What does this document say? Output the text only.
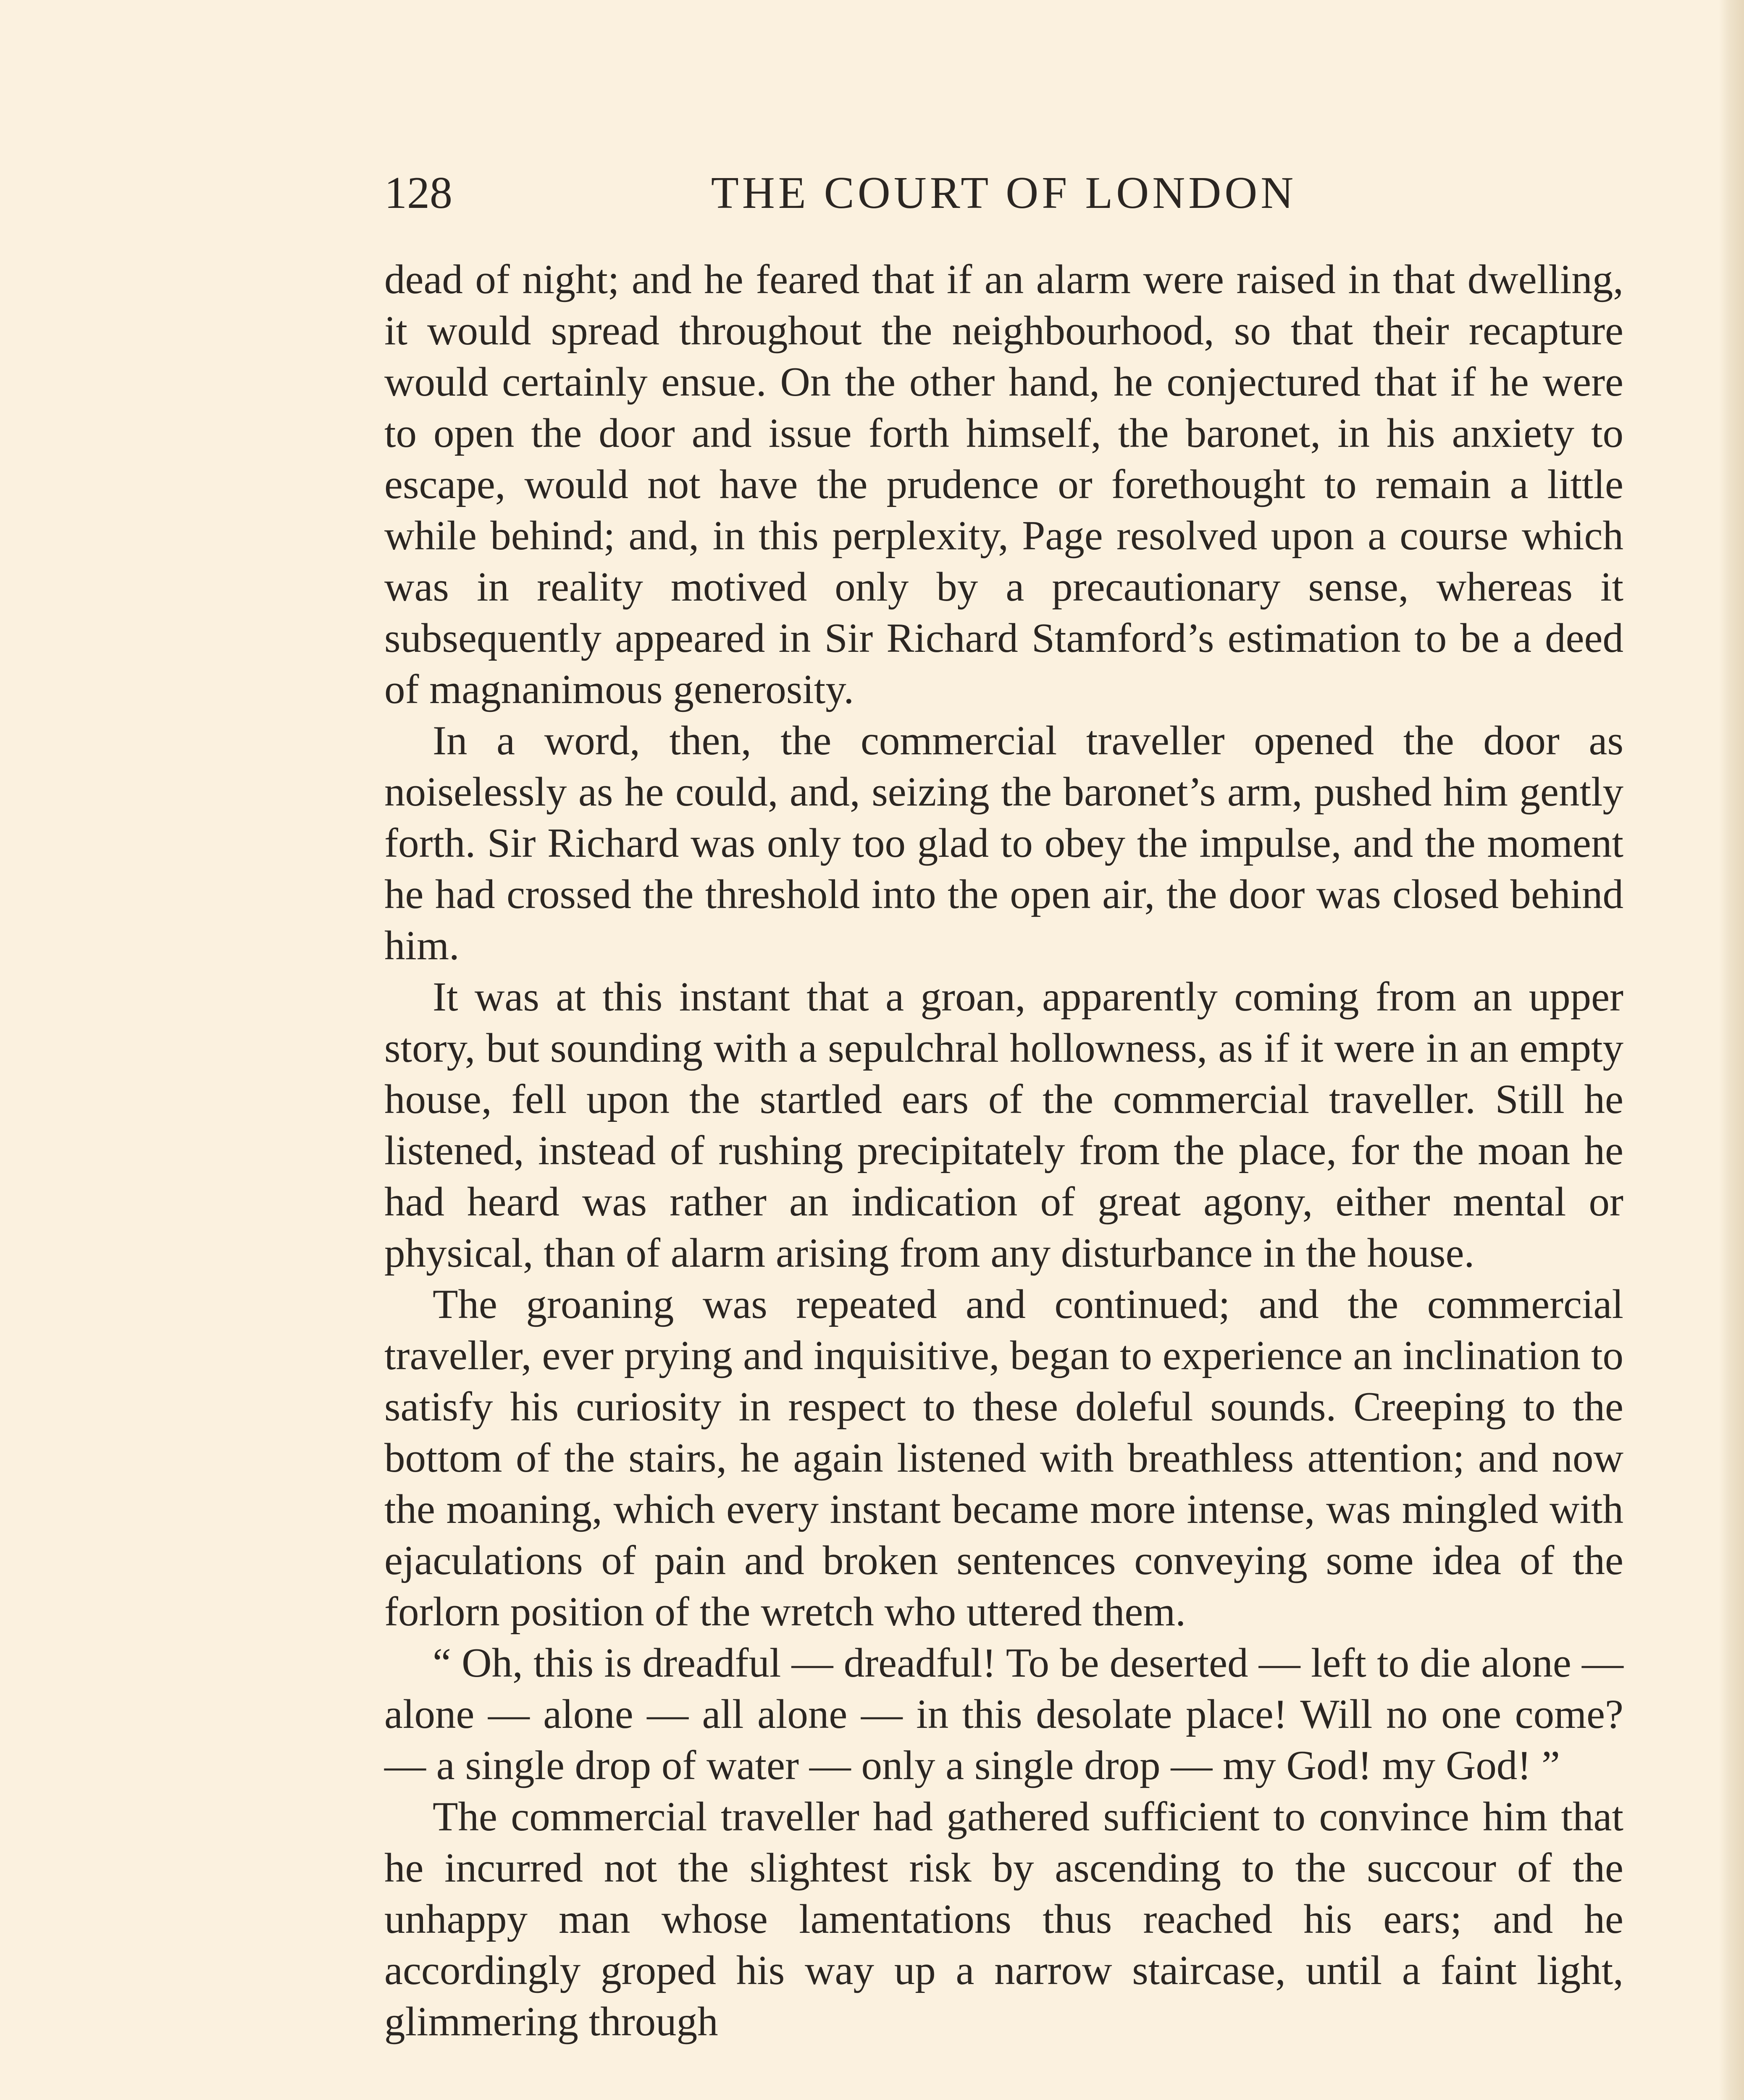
128	THE COURT OF LONDON

dead of night; and he feared that if an alarm were raised in that dwelling, it would spread throughout the neighbourhood, so that their recapture would certainly ensue. On the other hand, he conjectured that if he were to open the door and issue forth himself, the baronet, in his anxiety to escape, would not have the prudence or forethought to remain a little while behind; and, in this perplexity, Page resolved upon a course which was in reality motived only by a precautionary sense, whereas it subsequently appeared in Sir Richard Stamford’s estimation to be a deed of magnanimous generosity.

In a word, then, the commercial traveller opened the door as noiselessly as he could, and, seizing the baronet’s arm, pushed him gently forth. Sir Richard was only too glad to obey the impulse, and the moment he had crossed the threshold into the open air, the door was closed behind him.

It was at this instant that a groan, apparently coming from an upper story, but sounding with a sepulchral hollowness, as if it were in an empty house, fell upon the startled ears of the commercial traveller. Still he listened, instead of rushing precipitately from the place, for the moan he had heard was rather an indication of great agony, either mental or physical, than of alarm arising from any disturbance in the house.

The groaning was repeated and continued; and the commercial traveller, ever prying and inquisitive, began to experience an inclination to satisfy his curiosity in respect to these doleful sounds. Creeping to the bottom of the stairs, he again listened with breathless attention; and now the moaning, which every instant became more intense, was mingled with ejaculations of pain and broken sentences conveying some idea of the forlorn position of the wretch who uttered them.

“ Oh, this is dreadful — dreadful! To be deserted — left to die alone — alone — alone — all alone — in this desolate place! Will no one come? — a single drop of water — only a single drop — my God! my God! ”

The commercial traveller had gathered sufficient to convince him that he incurred not the slightest risk by ascending to the succour of the unhappy man whose lamentations thus reached his ears; and he accordingly groped his way up a narrow staircase, until a faint light, glimmering through
